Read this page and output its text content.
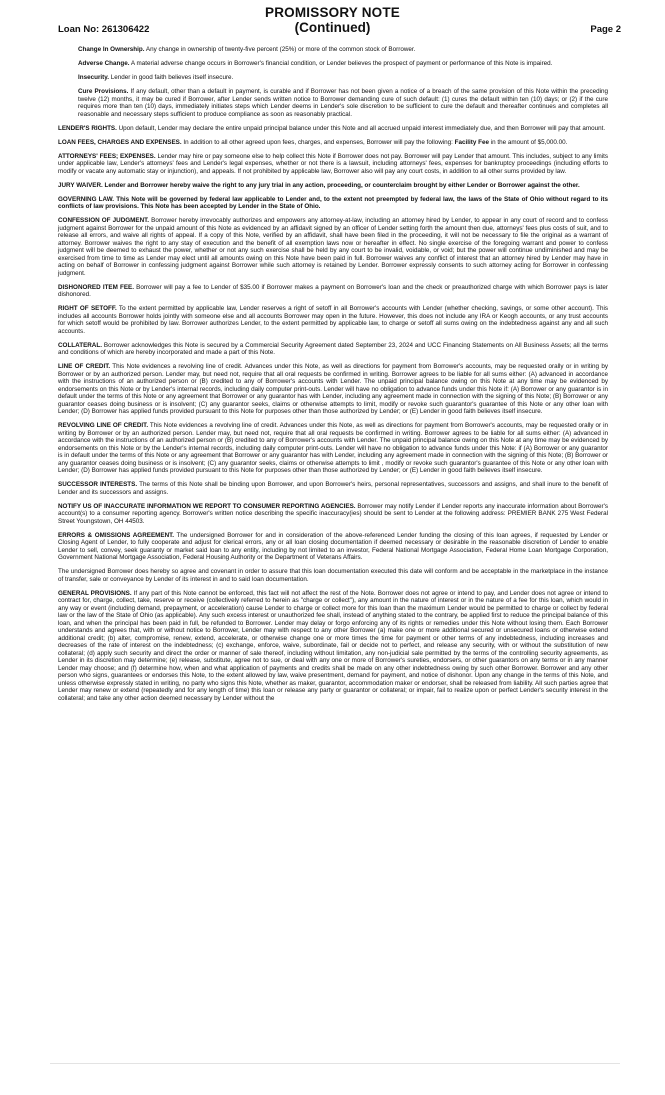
PROMISSORY NOTE
(Continued)
Loan No: 261306422	Page 2

Change In Ownership. Any change in ownership of twenty-five percent (25%) or more of the common stock of Borrower.

Adverse Change. A material adverse change occurs in Borrower's financial condition, or Lender believes the prospect of payment or performance of this Note is impaired.

Insecurity. Lender in good faith believes itself insecure.

Cure Provisions. If any default, other than a default in payment, is curable and if Borrower has not been given a notice of a breach of the same provision of this Note within the preceding twelve (12) months, it may be cured if Borrower, after Lender sends written notice to Borrower demanding cure of such default: (1) cures the default within ten (10) days; or (2) if the cure requires more than ten (10) days, immediately initiates steps which Lender deems in Lender's sole discretion to be sufficient to cure the default and thereafter continues and completes all reasonable and necessary steps sufficient to produce compliance as soon as reasonably practical.

LENDER'S RIGHTS. Upon default, Lender may declare the entire unpaid principal balance under this Note and all accrued unpaid interest immediately due, and then Borrower will pay that amount.

LOAN FEES, CHARGES AND EXPENSES. In addition to all other agreed upon fees, charges, and expenses, Borrower will pay the following: Facility Fee in the amount of $5,000.00.

ATTORNEYS' FEES; EXPENSES. Lender may hire or pay someone else to help collect this Note if Borrower does not pay. Borrower will pay Lender that amount. This includes, subject to any limits under applicable law, Lender's attorneys' fees and Lender's legal expenses, whether or not there is a lawsuit, including attorneys' fees, expenses for bankruptcy proceedings (including efforts to modify or vacate any automatic stay or injunction), and appeals. If not prohibited by applicable law, Borrower also will pay any court costs, in addition to all other sums provided by law.

JURY WAIVER. Lender and Borrower hereby waive the right to any jury trial in any action, proceeding, or counterclaim brought by either Lender or Borrower against the other.

GOVERNING LAW. This Note will be governed by federal law applicable to Lender and, to the extent not preempted by federal law, the laws of the State of Ohio without regard to its conflicts of law provisions. This Note has been accepted by Lender in the State of Ohio.

CONFESSION OF JUDGMENT. Borrower hereby irrevocably authorizes and empowers any attorney-at-law, including an attorney hired by Lender, to appear in any court of record and to confess judgment against Borrower for the unpaid amount of this Note as evidenced by an affidavit signed by an officer of Lender setting forth the amount then due, attorneys' fees plus costs of suit, and to release all errors, and waive all rights of appeal. If a copy of this Note, verified by an affidavit, shall have been filed in the proceeding, it will not be necessary to file the original as a warrant of attorney. Borrower waives the right to any stay of execution and the benefit of all exemption laws now or hereafter in effect. No single exercise of the foregoing warrant and power to confess judgment will be deemed to exhaust the power, whether or not any such exercise shall be held by any court to be invalid, voidable, or void; but the power will continue undiminished and may be exercised from time to time as Lender may elect until all amounts owing on this Note have been paid in full. Borrower waives any conflict of interest that an attorney hired by Lender may have in acting on behalf of Borrower in confessing judgment against Borrower while such attorney is retained by Lender. Borrower expressly consents to such attorney acting for Borrower in confessing judgment.

DISHONORED ITEM FEE. Borrower will pay a fee to Lender of $35.00 if Borrower makes a payment on Borrower's loan and the check or preauthorized charge with which Borrower pays is later dishonored.

RIGHT OF SETOFF. To the extent permitted by applicable law, Lender reserves a right of setoff in all Borrower's accounts with Lender (whether checking, savings, or some other account). This includes all accounts Borrower holds jointly with someone else and all accounts Borrower may open in the future. However, this does not include any IRA or Keogh accounts, or any trust accounts for which setoff would be prohibited by law. Borrower authorizes Lender, to the extent permitted by applicable law, to charge or setoff all sums owing on the indebtedness against any and all such accounts.

COLLATERAL. Borrower acknowledges this Note is secured by a Commercial Security Agreement dated September 23, 2024 and UCC Financing Statements on All Business Assets; all the terms and conditions of which are hereby incorporated and made a part of this Note.

LINE OF CREDIT. This Note evidences a revolving line of credit. Advances under this Note, as well as directions for payment from Borrower's accounts, may be requested orally or in writing by Borrower or by an authorized person. Lender may, but need not, require that all oral requests be confirmed in writing. Borrower agrees to be liable for all sums either: (A) advanced in accordance with the instructions of an authorized person or (B) credited to any of Borrower's accounts with Lender. The unpaid principal balance owing on this Note at any time may be evidenced by endorsements on this Note or by Lender's internal records, including daily computer print-outs. Lender will have no obligation to advance funds under this Note if: (A) Borrower or any guarantor is in default under the terms of this Note or any agreement that Borrower or any guarantor has with Lender, including any agreement made in connection with the signing of this Note; (B) Borrower or any guarantor ceases doing business or is insolvent; (C) any guarantor seeks, claims or otherwise attempts to limit, modify or revoke such guarantor's guarantee of this Note or any other loan with Lender; (D) Borrower has applied funds provided pursuant to this Note for purposes other than those authorized by Lender; or (E) Lender in good faith believes itself insecure.

REVOLVING LINE OF CREDIT. This Note evidences a revolving line of credit. Advances under this Note, as well as directions for payment from Borrower's accounts, may be requested orally or in writing by Borrower or by an authorized person. Lender may, but need not, require that all oral requests be confirmed in writing. Borrower agrees to be liable for all sums either: (A) advanced in accordance with the instructions of an authorized person or (B) credited to any of Borrower's accounts with Lender. The unpaid principal balance owing on this Note at any time may be evidenced by endorsements on this Note or by the Lender's internal records, including daily computer print-outs. Lender will have no obligation to advance funds under this Note: if (A) Borrower or any guarantor is in default under the terms of this Note or any agreement that Borrower or any guarantor has with Lender, including any agreement made in connection with the signing of this Note; (B) Borrower or any guarantor ceases doing business or is insolvent; (C) any guarantor seeks, claims or otherwise attempts to limit , modify or revoke such guarantor's guarantee of this Note or any other loan with Lender; (D) Borrower has applied funds provided pursuant to this Note for purposes other than those authorized by Lender; or (E) Lender in good faith believes itself insecure.

SUCCESSOR INTERESTS. The terms of this Note shall be binding upon Borrower, and upon Borrower's heirs, personal representatives, successors and assigns, and shall inure to the benefit of Lender and its successors and assigns.

NOTIFY US OF INACCURATE INFORMATION WE REPORT TO CONSUMER REPORTING AGENCIES. Borrower may notify Lender if Lender reports any inaccurate information about Borrower's account(s) to a consumer reporting agency. Borrower's written notice describing the specific inaccuracy(ies) should be sent to Lender at the following address: PREMIER BANK 275 West Federal Street Youngstown, OH 44503.

ERRORS & OMISSIONS AGREEMENT. The undersigned Borrower for and in consideration of the above-referenced Lender funding the closing of this loan agrees, if requested by Lender or Closing Agent of Lender, to fully cooperate and adjust for clerical errors, any or all loan closing documentation if deemed necessary or desirable in the reasonable discretion of Lender to enable Lender to sell, convey, seek guaranty or market said loan to any entity, including by not limited to an investor, Federal National Mortgage Association, Federal Home Loan Mortgage Corporation, Government National Mortgage Association, Federal Housing Authority or the Department of Veterans Affairs.

The undersigned Borrower does hereby so agree and covenant in order to assure that this loan documentation executed this date will conform and be acceptable in the marketplace in the instance of transfer, sale or conveyance by Lender of its interest in and to said loan documentation.

GENERAL PROVISIONS. If any part of this Note cannot be enforced, this fact will not affect the rest of the Note. Borrower does not agree or intend to pay, and Lender does not agree or intend to contract for, charge, collect, take, reserve or receive (collectively referred to herein as "charge or collect"), any amount in the nature of interest or in the nature of a fee for this loan, which would in any way or event (including demand, prepayment, or acceleration) cause Lender to charge or collect more for this loan than the maximum Lender would be permitted to charge or collect by federal law or the law of the State of Ohio (as applicable). Any such excess interest or unauthorized fee shall, instead of anything stated to the contrary, be applied first to reduce the principal balance of this loan, and when the principal has been paid in full, be refunded to Borrower. Lender may delay or forgo enforcing any of its rights or remedies under this Note without losing them. Each Borrower understands and agrees that, with or without notice to Borrower, Lender may with respect to any other Borrower (a) make one or more additional secured or unsecured loans or otherwise extend additional credit; (b) alter, compromise, renew, extend, accelerate, or otherwise change one or more times the time for payment or other terms of any indebtedness, including increases and decreases of the rate of interest on the indebtedness; (c) exchange, enforce, waive, subordinate, fail or decide not to perfect, and release any security, with or without the substitution of new collateral; (d) apply such security and direct the order or manner of sale thereof, including without limitation, any non-judicial sale permitted by the terms of the controlling security agreements, as Lender in its discretion may determine; (e) release, substitute, agree not to sue, or deal with any one or more of Borrower's sureties, endorsers, or other guarantors on any terms or in any manner Lender may choose; and (f) determine how, when and what application of payments and credits shall be made on any other indebtedness owing by such other Borrower. Borrower and any other person who signs, guarantees or endorses this Note, to the extent allowed by law, waive presentment, demand for payment, and notice of dishonor. Upon any change in the terms of this Note, and unless otherwise expressly stated in writing, no party who signs this Note, whether as maker, guarantor, accommodation maker or endorser, shall be released from liability. All such parties agree that Lender may renew or extend (repeatedly and for any length of time) this loan or release any party or guarantor or collateral; or impair, fail to realize upon or perfect Lender's security interest in the collateral; and take any other action deemed necessary by Lender without the
